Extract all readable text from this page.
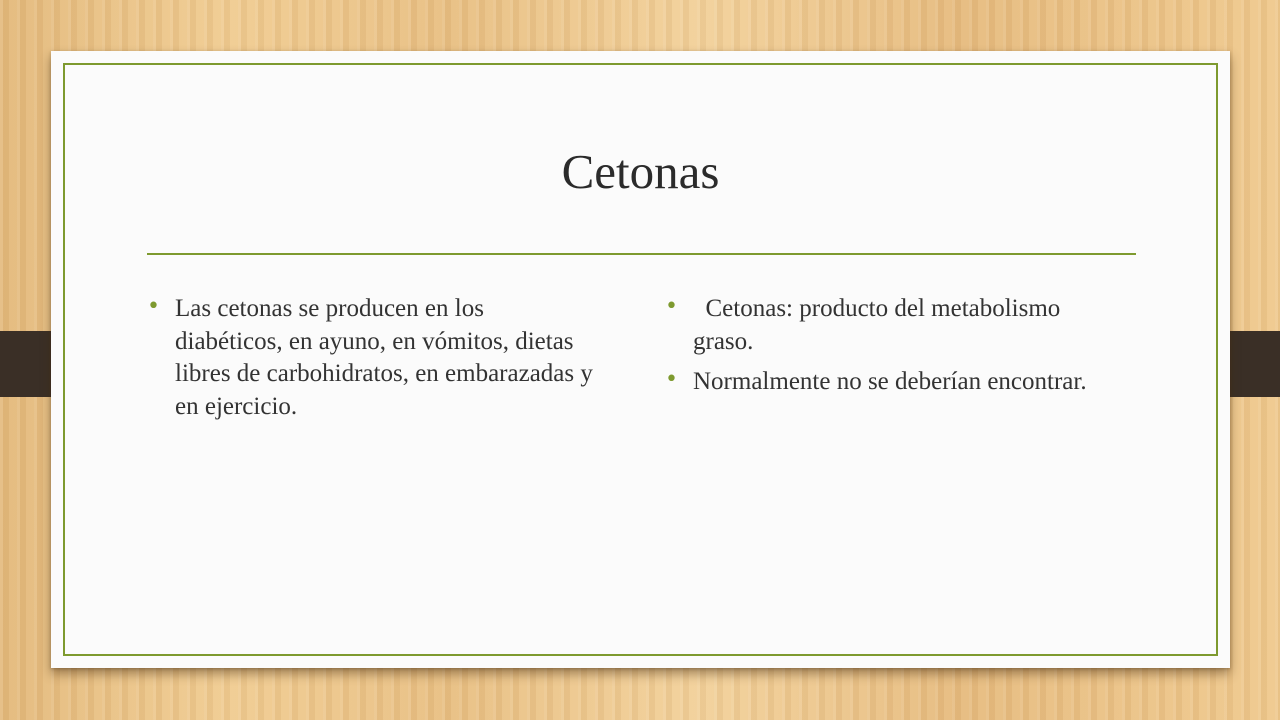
Cetonas
• Las cetonas se producen en los diabéticos, en ayuno, en vómitos, dietas libres de carbohidratos, en embarazadas y en ejercicio.
• Cetonas: producto del metabolismo graso.
• Normalmente no se deberían encontrar.
